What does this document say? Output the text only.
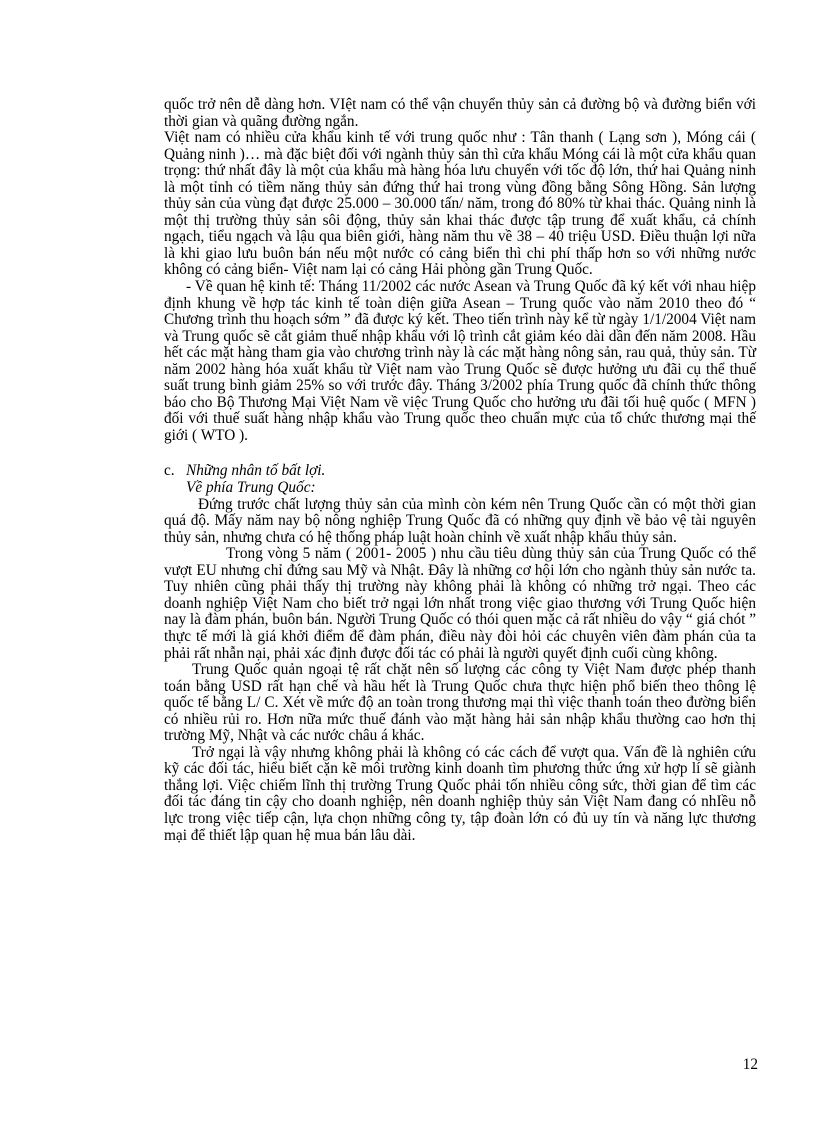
quốc trở nên dễ dàng hơn. VIệt nam có thể vận chuyển thủy sản cả đường bộ và đường biển với thời gian và quãng đường ngắn.

Việt nam có nhiều cửa khẩu kinh tế với trung quốc như : Tân thanh ( Lạng sơn ), Móng cái ( Quảng ninh )… mà đặc biệt đối với ngành thủy sản thì cửa khẩu Móng cái là một cửa khẩu quan trọng: thứ nhất đây là một của khẩu mà hàng hóa lưu chuyển với tốc độ lớn, thứ hai Quảng ninh là một tỉnh có tiềm năng thủy sản đứng thứ hai trong vùng đồng bằng Sông Hồng. Sản lượng thủy sản của vùng đạt được 25.000 – 30.000 tấn/ năm, trong đó 80% từ khai thác. Quảng ninh là một thị trường thủy sản sôi động, thủy sản khai thác được tập trung để xuất khẩu, cả chính ngạch, tiểu ngạch và lậu qua biên giới, hàng năm thu về 38 – 40 triệu USD. Điều thuận lợi nữa là khi giao lưu buôn bán nếu một nước có cảng biển thì chi phí thấp hơn so với những nước không có cảng biển- Việt nam lại có cảng Hải phòng gần Trung Quốc.

- Về quan hệ kinh tế: Tháng 11/2002 các nước Asean và Trung Quốc đã ký kết với nhau hiệp định khung về hợp tác kinh tế toàn diện giữa Asean – Trung quốc vào năm 2010 theo đó “ Chương trình thu hoạch sớm ” đã được ký kết. Theo tiến trình này kể từ ngày 1/1/2004 Việt nam và Trung quốc sẽ cắt giảm thuế nhập khẩu với lộ trình cắt giảm kéo dài dần đến năm 2008. Hầu hết các mặt hàng tham gia vào chương trình này là các mặt hàng nông sản, rau quả, thủy sản. Từ năm 2002 hàng hóa xuất khẩu từ Việt nam vào Trung Quốc sẽ được hưởng ưu đãi cụ thể thuế suất trung bình giảm 25% so với trước đây. Tháng 3/2002 phía Trung quốc đã chính thức thông báo cho Bộ Thương Mại Việt Nam về việc Trung Quốc cho hưởng ưu đãi tối huệ quốc ( MFN ) đối với thuế suất hàng nhập khẩu vào Trung quốc theo chuẩn mực của tổ chức thương mại thế giới ( WTO ).

c. Những nhân tố bất lợi.

Về phía Trung Quốc:

Đứng trước chất lượng thủy sản của mình còn kém nên Trung Quốc cần có một thời gian quá độ. Mấy năm nay bộ nông nghiệp Trung Quốc đã có những quy định về bảo vệ tài nguyên thủy sản, nhưng chưa có hệ thống pháp luật hoàn chỉnh về xuất nhập khẩu thủy sản.

Trong vòng 5 năm ( 2001- 2005 ) nhu cầu tiêu dùng thủy sản của Trung Quốc có thể vượt EU nhưng chỉ đứng sau Mỹ và Nhật. Đây là những cơ hội lớn cho ngành thủy sản nước ta. Tuy nhiên cũng phải thấy thị trường này không phải là không có những trở ngại. Theo các doanh nghiệp Việt Nam cho biết trở ngại lớn nhất trong việc giao thương với Trung Quốc hiện nay là đàm phán, buôn bán. Người Trung Quốc có thói quen mặc cả rất nhiều do vậy “ giá chót ” thực tế mới là giá khởi điểm để đàm phán, điều này đòi hỏi các chuyên viên đàm phán của ta phải rất nhẫn nại, phải xác định được đối tác có phải là người quyết định cuối cùng không.

Trung Quốc quản ngoại tệ rất chặt nên số lượng các công ty Việt Nam được phép thanh toán bằng USD rất hạn chế và hầu hết là Trung Quốc chưa thực hiện phổ biến theo thông lệ quốc tế bằng L/ C. Xét về mức độ an toàn trong thương mại thì việc thanh toán theo đường biển có nhiều rủi ro. Hơn nữa mức thuế đánh vào mặt hàng hải sản nhập khẩu thường cao hơn thị trường Mỹ, Nhật và các nước châu á khác.

Trở ngại là vậy nhưng không phải là không có các cách để vượt qua. Vấn đề là nghiên cứu kỹ các đối tác, hiểu biết cặn kẽ môi trường kinh doanh tìm phương thức ứng xử hợp lí sẽ giành thắng lợi. Việc chiếm lĩnh thị trường Trung Quốc phải tốn nhiều công sức, thời gian để tìm các đối tác đáng tin cậy cho doanh nghiệp, nên doanh nghiệp thủy sản Việt Nam đang có nhIều nỗ lực trong việc tiếp cận, lựa chọn những công ty, tập đoàn lớn có đủ uy tín và năng lực thương mại để thiết lập quan hệ mua bán lâu dài.

12
